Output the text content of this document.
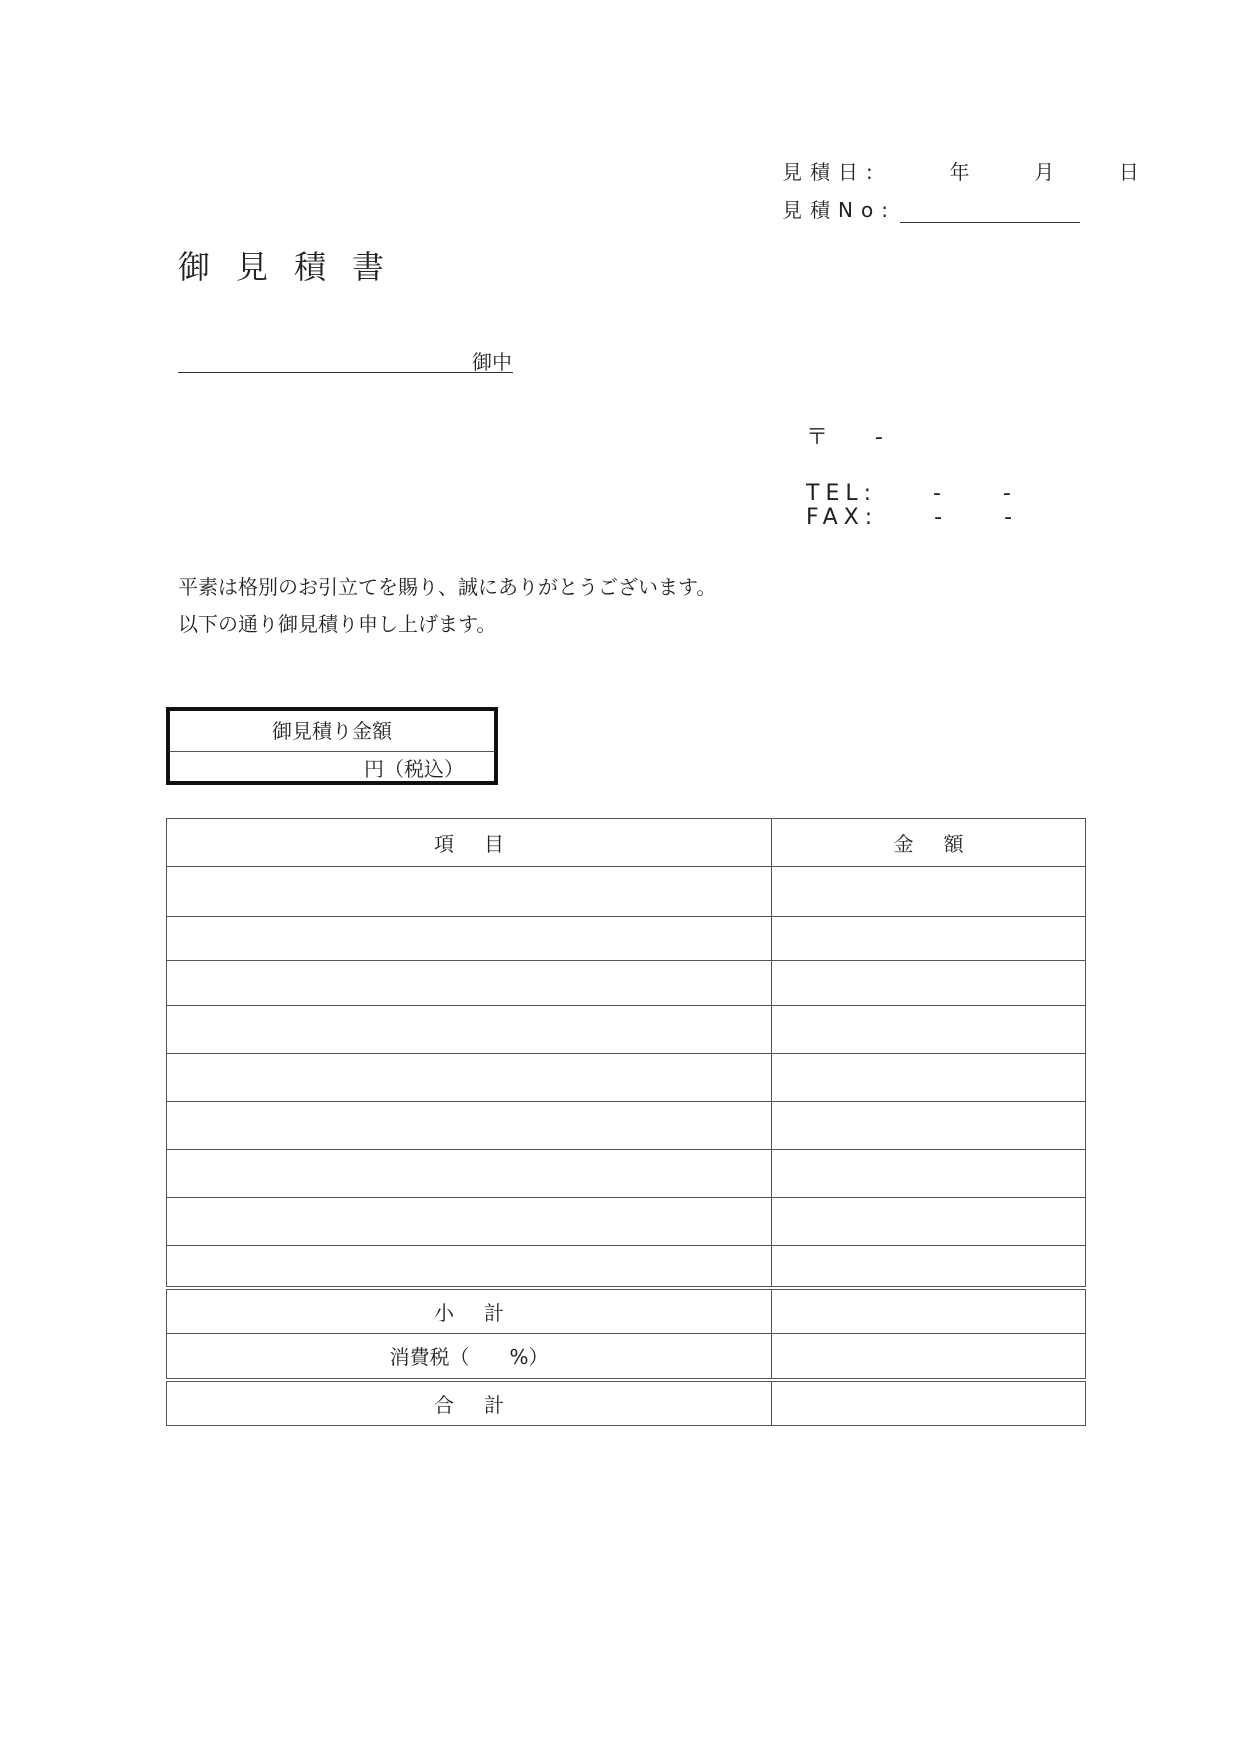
見積日:	年	月	日
見積No:
御見積書
御中
〒　 -
TEL:　　-　　-
FAX:　　-　　-
平素は格別のお引立てを賜り、誠にありがとうございます。
以下の通り御見積り申し上げます。
御見積り金額
円（税込）
項目	金額

小計	
消費税（　　%）	
合計	
